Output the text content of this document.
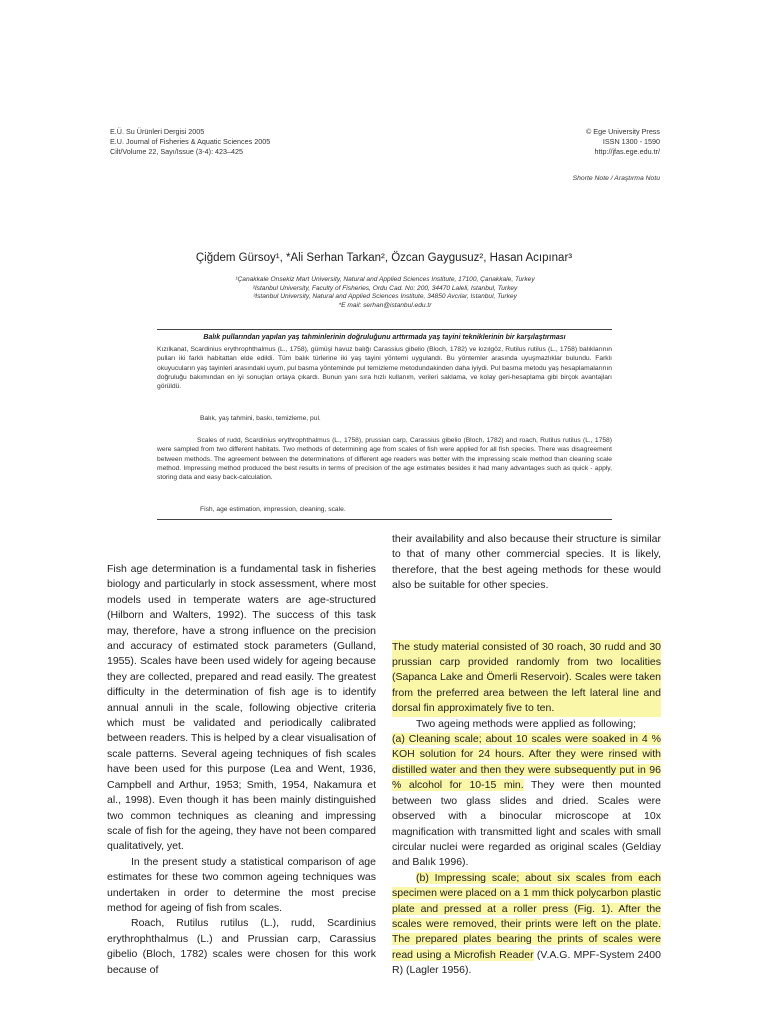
E.Ü. Su Ürünleri Dergisi 2005
E.U. Journal of Fisheries & Aquatic Sciences 2005
Cilt/Volume 22, Sayı/Issue (3-4): 423–425
© Ege University Press
ISSN 1300 - 1590
http://jfas.ege.edu.tr/
Shorte Note / Araştırma Notu
Çiğdem Gürsoy¹, *Ali Serhan Tarkan², Özcan Gaygusuz², Hasan Acıpınar³
¹Çanakkale Onsekiz Mart University, Natural and Applied Sciences Institute, 17100, Çanakkale, Turkey
²Istanbul University, Faculty of Fisheries, Ordu Cad. No: 200, 34470 Laleli, Istanbul, Turkey
³Istanbul University, Natural and Applied Sciences Institute, 34850 Avcılar, Istanbul, Turkey
*E mail: serhan@istanbul.edu.tr
Balık pullarından yapılan yaş tahminlerinin doğruluğunu arttırmada yaş tayini tekniklerinin bir karşılaştırması
Kızılkanat, Scardinius erythrophthalmus (L., 1758), gümüşi havuz balığı Carassius gibelio (Bloch, 1782) ve kızılgöz, Rutilus rutilus (L., 1758) balıklarının pulları iki farklı habitattan elde edildi. Tüm balık türlerine iki yaş tayini yöntemi uygulandı. Bu yöntemler arasında uyuşmazlıklar bulundu. Farklı okuyucuların yaş tayinleri arasındaki uyum, pul basma yönteminde pul temizleme metodundakinden daha iyiydi. Pul basma metodu yaş hesaplamalarının doğruluğu bakımından en iyi sonuçları ortaya çıkardı. Bunun yanı sıra hızlı kullanım, verileri saklama, ve kolay geri-hesaplama gibi birçok avantajları görüldü.
Balık, yaş tahmini, baskı, temizleme, pul.
Scales of rudd, Scardinius erythrophthalmus (L., 1758), prussian carp, Carassius gibelio (Bloch, 1782) and roach, Rutilus rutilus (L., 1758) were sampled from two different habitats. Two methods of determining age from scales of fish were applied for all fish species. There was disagreement between methods. The agreement between the determinations of different age readers was better with the impressing scale method than cleaning scale method. Impressing method produced the best results in terms of precision of the age estimates besides it had many advantages such as quick - apply, storing data and easy back-calculation.
Fish, age estimation, impression, cleaning, scale.

Fish age determination is a fundamental task in fisheries biology and particularly in stock assessment, where most models used in temperate waters are age-structured (Hilborn and Walters, 1992). The success of this task may, therefore, have a strong influence on the precision and accuracy of estimated stock parameters (Gulland, 1955). Scales have been used widely for ageing because they are collected, prepared and read easily. The greatest difficulty in the determination of fish age is to identify annual annuli in the scale, following objective criteria which must be validated and periodically calibrated between readers. This is helped by a clear visualisation of scale patterns. Several ageing techniques of fish scales have been used for this purpose (Lea and Went, 1936, Campbell and Arthur, 1953; Smith, 1954, Nakamura et al., 1998). Even though it has been mainly distinguished two common techniques as cleaning and impressing scale of fish for the ageing, they have not been compared qualitatively, yet.

In the present study a statistical comparison of age estimates for these two common ageing techniques was undertaken in order to determine the most precise method for ageing of fish from scales.

Roach, Rutilus rutilus (L.), rudd, Scardinius erythrophthalmus (L.) and Prussian carp, Carassius gibelio (Bloch, 1782) scales were chosen for this work because of

their availability and also because their structure is similar to that of many other commercial species. It is likely, therefore, that the best ageing methods for these would also be suitable for other species.

The study material consisted of 30 roach, 30 rudd and 30 prussian carp provided randomly from two localities (Sapanca Lake and Ömerli Reservoir). Scales were taken from the preferred area between the left lateral line and dorsal fin approximately five to ten.

Two ageing methods were applied as following;

(a) Cleaning scale; about 10 scales were soaked in 4 % KOH solution for 24 hours. After they were rinsed with distilled water and then they were subsequently put in 96 % alcohol for 10-15 min. They were then mounted between two glass slides and dried. Scales were observed with a binocular microscope at 10x magnification with transmitted light and scales with small circular nuclei were regarded as original scales (Geldiay and Balık 1996).

(b) Impressing scale; about six scales from each specimen were placed on a 1 mm thick polycarbon plastic plate and pressed at a roller press (Fig. 1). After the scales were removed, their prints were left on the plate. The prepared plates bearing the prints of scales were read using a Microfish Reader (V.A.G. MPF-System 2400 R) (Lagler 1956).
